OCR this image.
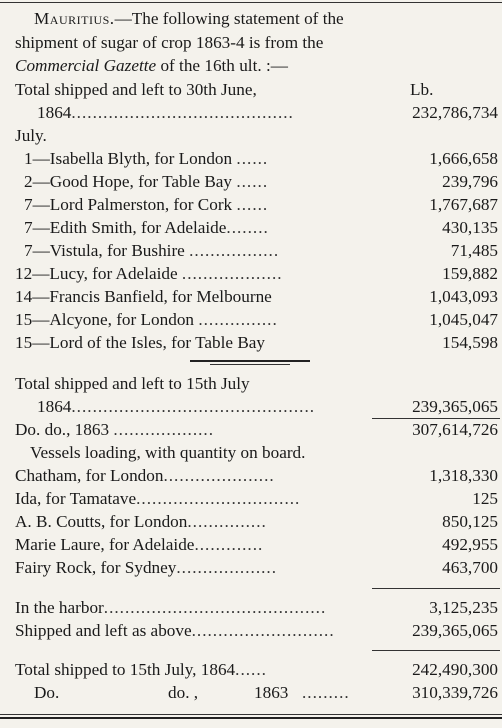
Mauritius.—The following statement of the
shipment of sugar of crop 1863-4 is from the
Commercial Gazette of the 16th ult. :—
Total shipped and left to 30th June,	Lb.
1864..........................................	232,786,734
July.
1—Isabella Blyth, for London ......	1,666,658
2—Good Hope, for Table Bay ......	239,796
7—Lord Palmerston, for Cork ......	1,767,687
7—Edith Smith, for Adelaide........	430,135
7—Vistula, for Bushire .................	71,485
12—Lucy, for Adelaide ...................	159,882
14—Francis Banfield, for Melbourne	1,043,093
15—Alcyone, for London ...............	1,045,047
15—Lord of the Isles, for Table Bay	154,598
Total shipped and left to 15th July
1864..............................................	239,365,065
Do. do., 1863 ...................	307,614,726
Vessels loading, with quantity on board.
Chatham, for London.....................	1,318,330
Ida, for Tamatave...............................	125
A. B. Coutts, for London...............	850,125
Marie Laure, for Adelaide.............	492,955
Fairy Rock, for Sydney...................	463,700
In the harbor..........................................	3,125,235
Shipped and left as above...........................	239,365,065
Total shipped to 15th July, 1864......	242,490,300
Do.	do. ,	1863 .........	310,339,726
